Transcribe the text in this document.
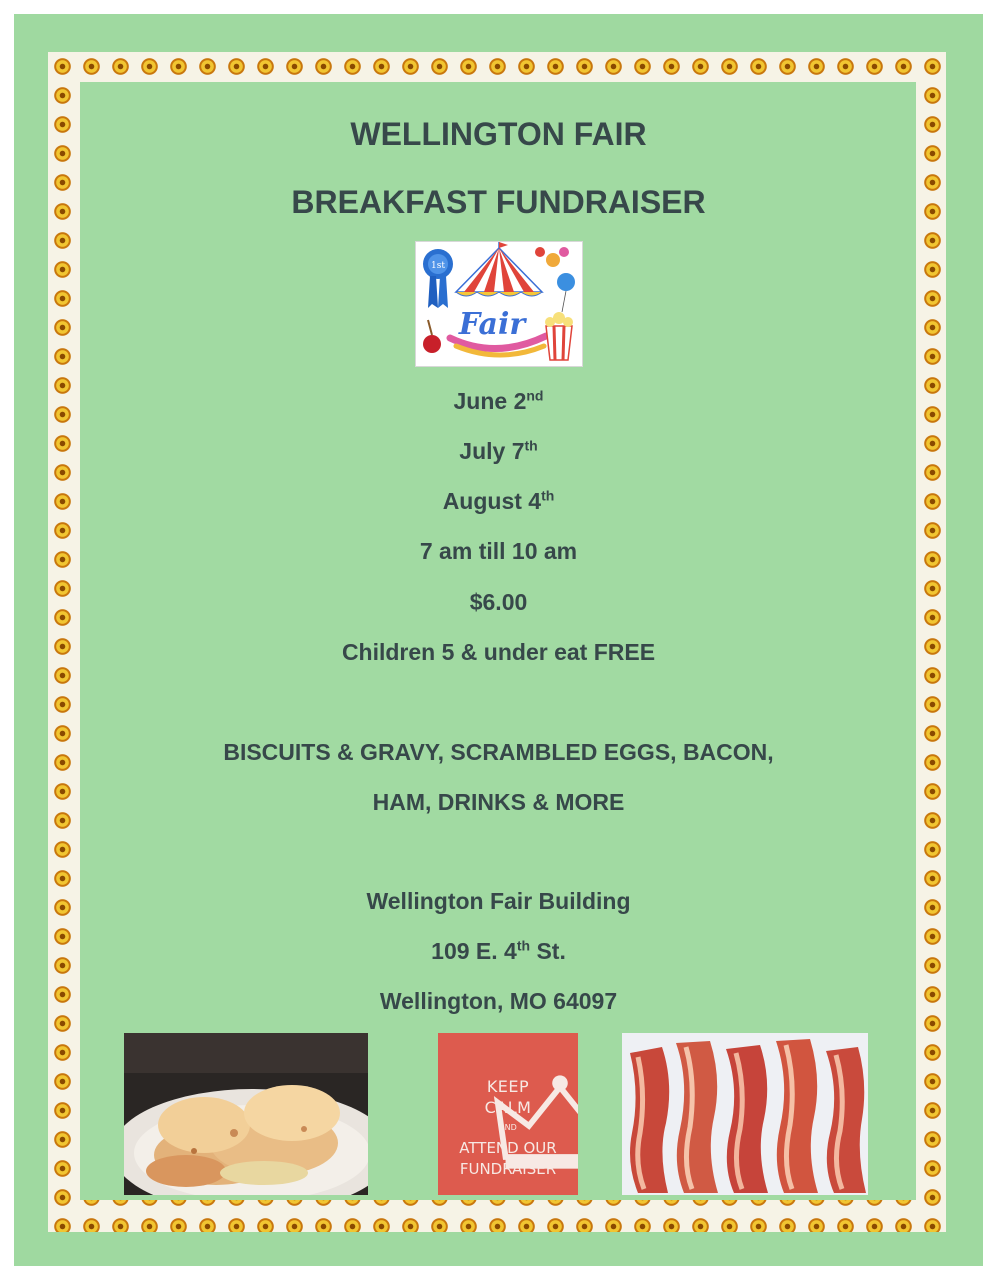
WELLINGTON FAIR
BREAKFAST FUNDRAISER
1st
Fair
June 2nd
July 7th
August 4th
7 am till 10 am
$6.00
Children 5 & under eat FREE
BISCUITS & GRAVY, SCRAMBLED EGGS, BACON,
HAM, DRINKS & MORE
Wellington Fair Building
109 E. 4th St.
Wellington, MO 64097
KEEP
CALM
AND
ATTEND OUR
FUNDRAISER
